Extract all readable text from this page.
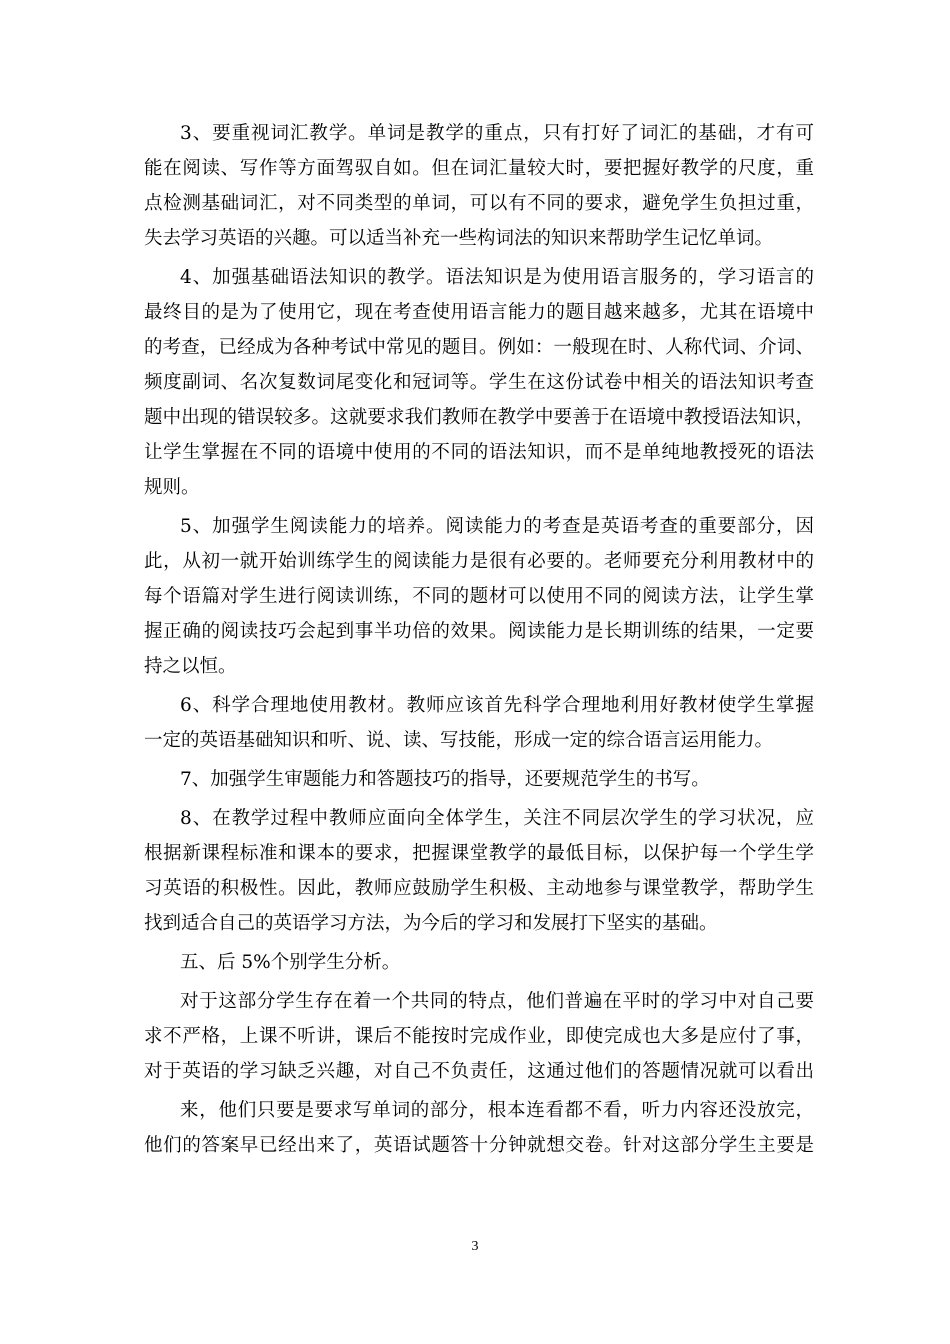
3、要重视词汇教学。单词是教学的重点，只有打好了词汇的基础，才有可
能在阅读、写作等方面驾驭自如。但在词汇量较大时，要把握好教学的尺度，重
点检测基础词汇，对不同类型的单词，可以有不同的要求，避免学生负担过重，
失去学习英语的兴趣。可以适当补充一些构词法的知识来帮助学生记忆单词。
4、加强基础语法知识的教学。语法知识是为使用语言服务的，学习语言的
最终目的是为了使用它，现在考查使用语言能力的题目越来越多，尤其在语境中
的考查，已经成为各种考试中常见的题目。例如：一般现在时、人称代词、介词、
频度副词、名次复数词尾变化和冠词等。学生在这份试卷中相关的语法知识考查
题中出现的错误较多。这就要求我们教师在教学中要善于在语境中教授语法知识，
让学生掌握在不同的语境中使用的不同的语法知识，而不是单纯地教授死的语法
规则。
5、加强学生阅读能力的培养。阅读能力的考查是英语考查的重要部分，因
此，从初一就开始训练学生的阅读能力是很有必要的。老师要充分利用教材中的
每个语篇对学生进行阅读训练，不同的题材可以使用不同的阅读方法，让学生掌
握正确的阅读技巧会起到事半功倍的效果。阅读能力是长期训练的结果，一定要
持之以恒。
6、科学合理地使用教材。教师应该首先科学合理地利用好教材使学生掌握
一定的英语基础知识和听、说、读、写技能，形成一定的综合语言运用能力。
7、加强学生审题能力和答题技巧的指导，还要规范学生的书写。
8、在教学过程中教师应面向全体学生，关注不同层次学生的学习状况，应
根据新课程标准和课本的要求，把握课堂教学的最低目标，以保护每一个学生学
习英语的积极性。因此，教师应鼓励学生积极、主动地参与课堂教学，帮助学生
找到适合自己的英语学习方法，为今后的学习和发展打下坚实的基础。
五、后 5%个别学生分析。
对于这部分学生存在着一个共同的特点，他们普遍在平时的学习中对自己要
求不严格，上课不听讲，课后不能按时完成作业，即使完成也大多是应付了事，
对于英语的学习缺乏兴趣，对自己不负责任，这通过他们的答题情况就可以看出
来，他们只要是要求写单词的部分，根本连看都不看，听力内容还没放完，
他们的答案早已经出来了，英语试题答十分钟就想交卷。针对这部分学生主要是
3
